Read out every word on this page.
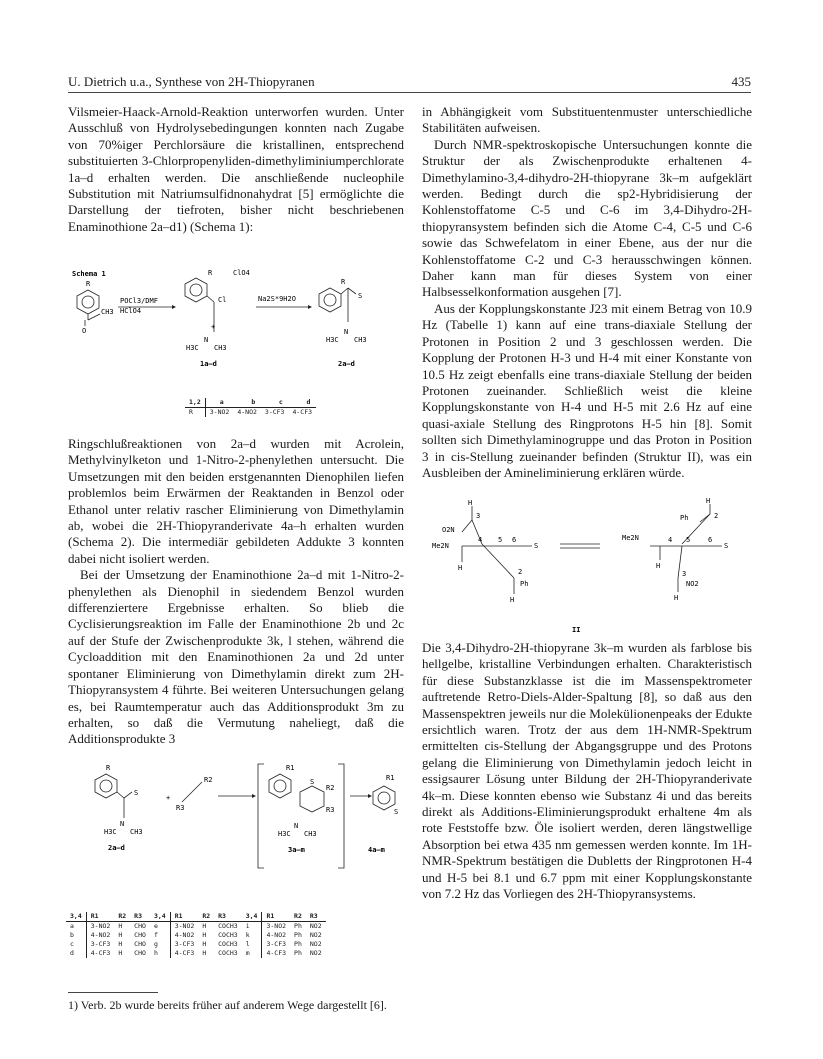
U. Dietrich u.a., Synthese von 2H-Thiopyranen	435

Vilsmeier-Haack-Arnold-Reaktion unterworfen wurden. Unter Ausschluß von Hydrolysebedingungen konnten nach Zugabe von 70%iger Perchlorsäure die kristallinen, entsprechend substituierten 3-Chlorpropenyliden-dimethyliminiumperchlorate 1a–d erhalten werden. Die anschließende nucleophile Substitution mit Natriumsulfidnonahydrat [5] ermöglichte die Darstellung der tiefroten, bisher nicht beschriebenen Enaminothione 2a–d1) (Schema 1):

Schema 1
R
CH3
O
POCl3/DMF
HClO4
R	ClO4
Cl
+
N
H3C CH3
1a–d
Na2S*9H2O
R
S
N
H3C CH3
2a–d
1,2	a	b	c	d
R	3-NO2	4-NO2	3-CF3	4-CF3

Ringschlußreaktionen von 2a–d wurden mit Acrolein, Methylvinylketon und 1-Nitro-2-phenylethen untersucht. Die Umsetzungen mit den beiden erstgenannten Dienophilen liefen problemlos beim Erwärmen der Reaktanden in Benzol oder Ethanol unter relativ rascher Eliminierung von Dimethylamin ab, wobei die 2H-Thiopyranderivate 4a–h erhalten wurden (Schema 2). Die intermediär gebildeten Addukte 3 konnten dabei nicht isoliert werden.

Bei der Umsetzung der Enaminothione 2a–d mit 1-Nitro-2-phenylethen als Dienophil in siedendem Benzol wurden differenziertere Ergebnisse erhalten. So blieb die Cyclisierungsreaktion im Falle der Enaminothione 2b und 2c auf der Stufe der Zwischenprodukte 3k, l stehen, während die Cycloaddition mit den Enaminothionen 2a und 2d unter spontaner Eliminierung von Dimethylamin direkt zum 2H-Thiopyransystem 4 führte. Bei weiteren Untersuchungen gelang es, bei Raumtemperatur auch das Additionsprodukt 3m zu erhalten, so daß die Vermutung naheliegt, daß die Additionsprodukte 3

R
S
N
H3C CH3
2a–d
+
R2
R3
R1
S
R2
R3
N
H3C CH3
3a–m
R1
S
4a–m
3,4	R1	R2	R3	3,4	R1	R2	R3	3,4	R1	R2	R3
a	3-NO2	H	CHO	e	3-NO2	H	COCH3	i	3-NO2	Ph	NO2
b	4-NO2	H	CHO	f	4-NO2	H	COCH3	k	4-NO2	Ph	NO2
c	3-CF3	H	CHO	g	3-CF3	H	COCH3	l	3-CF3	Ph	NO2
d	4-CF3	H	CHO	h	4-CF3	H	COCH3	m	4-CF3	Ph	NO2
1) Verb. 2b wurde bereits früher auf anderem Wege dargestellt [6].

in Abhängigkeit vom Substituentenmuster unterschiedliche Stabilitäten aufweisen.

Durch NMR-spektroskopische Untersuchungen konnte die Struktur der als Zwischenprodukte erhaltenen 4-Dimethylamino-3,4-dihydro-2H-thiopyrane 3k–m aufgeklärt werden. Bedingt durch die sp2-Hybridisierung der Kohlenstoffatome C-5 und C-6 im 3,4-Dihydro-2H-thiopyransystem befinden sich die Atome C-4, C-5 und C-6 sowie das Schwefelatom in einer Ebene, aus der nur die Kohlenstoffatome C-2 und C-3 herausschwingen können. Daher kann man für dieses System von einer Halbsesselkonformation ausgehen [7].

Aus der Kopplungskonstante J23 mit einem Betrag von 10.9 Hz (Tabelle 1) kann auf eine trans-diaxiale Stellung der Protonen in Position 2 und 3 geschlossen werden. Die Kopplung der Protonen H-3 und H-4 mit einer Konstante von 10.5 Hz zeigt ebenfalls eine trans-diaxiale Stellung der beiden Protonen zueinander. Schließlich weist die kleine Kopplungskonstante von H-4 und H-5 mit 2.6 Hz auf eine quasi-axiale Stellung des Ringprotons H-5 hin [8]. Somit sollten sich Dimethylaminogruppe und das Proton in Position 3 in cis-Stellung zueinander befinden (Struktur II), was ein Ausbleiben der Amineliminierung erklären würde.

H
3
O2N
Me2N
4 5 6
S
H	2
Ph
H
H
Ph	2
Me2N	4 5	6
S
H
3
NO2
H
II

Die 3,4-Dihydro-2H-thiopyrane 3k–m wurden als farblose bis hellgelbe, kristalline Verbindungen erhalten. Charakteristisch für diese Substanzklasse ist die im Massenspektrometer auftretende Retro-Diels-Alder-Spaltung [8], so daß aus den Massenspektren jeweils nur die Molekülionenpeaks der Edukte ersichtlich waren. Trotz der aus dem 1H-NMR-Spektrum ermittelten cis-Stellung der Abgangsgruppe und des Protons gelang die Eliminierung von Dimethylamin jedoch leicht in essigsaurer Lösung unter Bildung der 2H-Thiopyranderivate 4k–m. Diese konnten ebenso wie Substanz 4i und das bereits direkt als Additions-Eliminierungsprodukt erhaltene 4m als rote Feststoffe bzw. Öle isoliert werden, deren längstwellige Absorption bei etwa 435 nm gemessen werden konnte. Im 1H-NMR-Spektrum bestätigen die Dubletts der Ringprotonen H-4 und H-5 bei 8.1 und 6.7 ppm mit einer Kopplungskonstante von 7.2 Hz das Vorliegen des 2H-Thiopyransystems.
